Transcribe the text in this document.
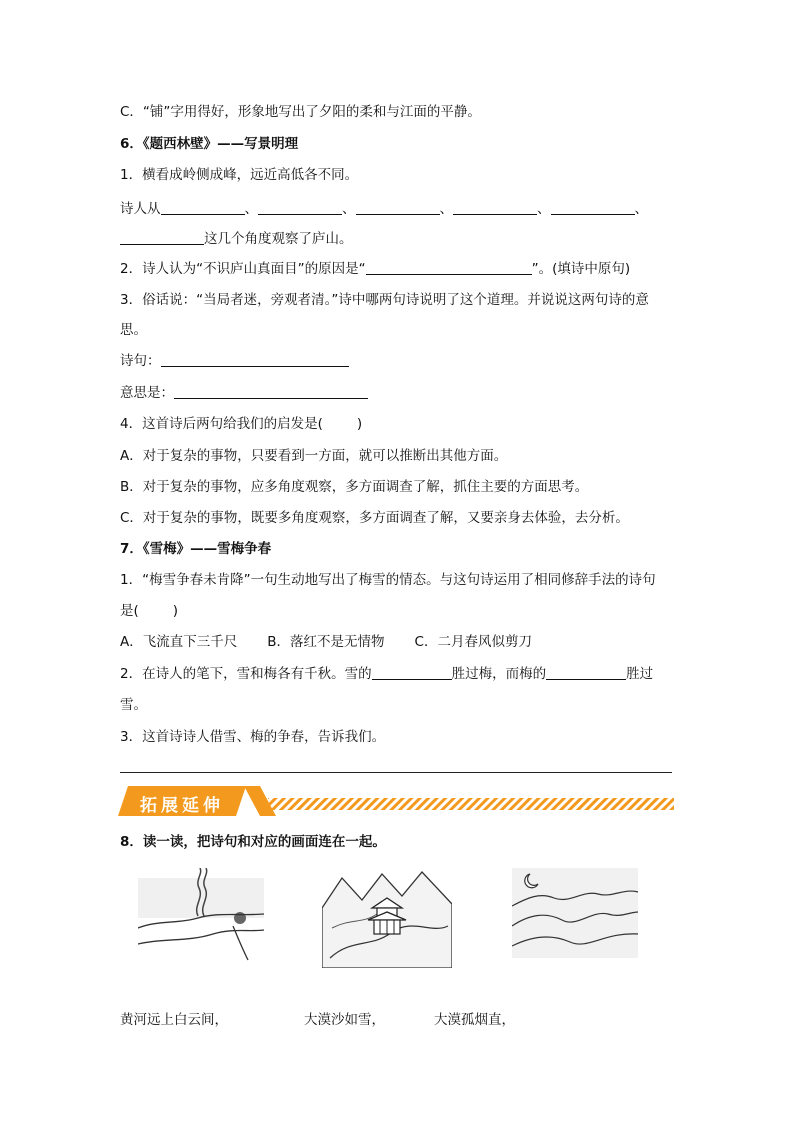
C．“铺”字用得好，形象地写出了夕阳的柔和与江面的平静。
6．《题西林壁》——写景明理
1．横看成岭侧成峰，远近高低各不同。
诗人从	、	、	、	、	、
这几个角度观察了庐山。
2．诗人认为“不识庐山真面目”的原因是“	”。(填诗中原句)
3．俗话说：“当局者迷，旁观者清。”诗中哪两句诗说明了这个道理。并说说这两句诗的意
思。
诗句：
意思是：
4．这首诗后两句给我们的启发是(	)
A．对于复杂的事物，只要看到一方面，就可以推断出其他方面。
B．对于复杂的事物，应多角度观察，多方面调查了解，抓住主要的方面思考。
C．对于复杂的事物，既要多角度观察，多方面调查了解，又要亲身去体验，去分析。
7．《雪梅》——雪梅争春
1．“梅雪争春未肯降”一句生动地写出了梅雪的情态。与这句诗运用了相同修辞手法的诗句
是(	)
A．飞流直下三千尺 B．落红不是无情物 C．二月春风似剪刀
2．在诗人的笔下，雪和梅各有千秋。雪的	胜过梅，而梅的	胜过
雪。
3．这首诗诗人借雪、梅的争春，告诉我们。
拓展延伸
8．读一读，把诗句和对应的画面连在一起。
黄河远上白云间，	大漠沙如雪，	大漠孤烟直，
